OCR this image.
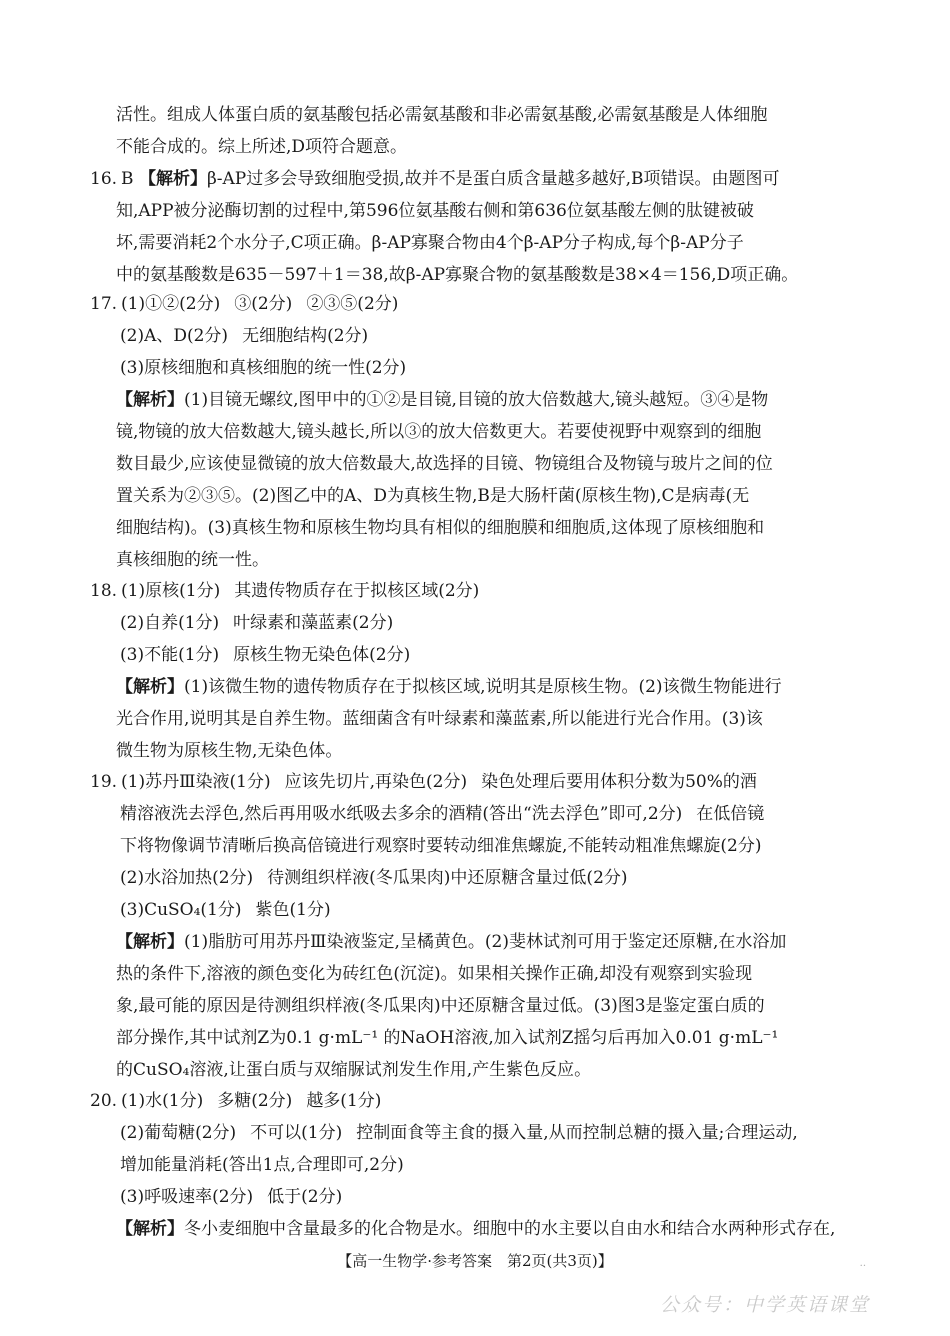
活性。组成人体蛋白质的氨基酸包括必需氨基酸和非必需氨基酸,必需氨基酸是人体细胞
不能合成的。综上所述,D项符合题意。
16. B 【解析】β-AP过多会导致细胞受损,故并不是蛋白质含量越多越好,B项错误。由题图可
知,APP被分泌酶切割的过程中,第596位氨基酸右侧和第636位氨基酸左侧的肽键被破
坏,需要消耗2个水分子,C项正确。β-AP寡聚合物由4个β-AP分子构成,每个β-AP分子
中的氨基酸数是635－597＋1＝38,故β-AP寡聚合物的氨基酸数是38×4＝156,D项正确。
17. (1)①②(2分) ③(2分) ②③⑤(2分)
(2)A、D(2分) 无细胞结构(2分)
(3)原核细胞和真核细胞的统一性(2分)
【解析】(1)目镜无螺纹,图甲中的①②是目镜,目镜的放大倍数越大,镜头越短。③④是物
镜,物镜的放大倍数越大,镜头越长,所以③的放大倍数更大。若要使视野中观察到的细胞
数目最少,应该使显微镜的放大倍数最大,故选择的目镜、物镜组合及物镜与玻片之间的位
置关系为②③⑤。(2)图乙中的A、D为真核生物,B是大肠杆菌(原核生物),C是病毒(无
细胞结构)。(3)真核生物和原核生物均具有相似的细胞膜和细胞质,这体现了原核细胞和
真核细胞的统一性。
18. (1)原核(1分) 其遗传物质存在于拟核区域(2分)
(2)自养(1分) 叶绿素和藻蓝素(2分)
(3)不能(1分) 原核生物无染色体(2分)
【解析】(1)该微生物的遗传物质存在于拟核区域,说明其是原核生物。(2)该微生物能进行
光合作用,说明其是自养生物。蓝细菌含有叶绿素和藻蓝素,所以能进行光合作用。(3)该
微生物为原核生物,无染色体。
19. (1)苏丹Ⅲ染液(1分) 应该先切片,再染色(2分) 染色处理后要用体积分数为50%的酒
精溶液洗去浮色,然后再用吸水纸吸去多余的酒精(答出“洗去浮色”即可,2分) 在低倍镜
下将物像调节清晰后换高倍镜进行观察时要转动细准焦螺旋,不能转动粗准焦螺旋(2分)
(2)水浴加热(2分) 待测组织样液(冬瓜果肉)中还原糖含量过低(2分)
(3)CuSO₄(1分) 紫色(1分)
【解析】(1)脂肪可用苏丹Ⅲ染液鉴定,呈橘黄色。(2)斐林试剂可用于鉴定还原糖,在水浴加
热的条件下,溶液的颜色变化为砖红色(沉淀)。如果相关操作正确,却没有观察到实验现
象,最可能的原因是待测组织样液(冬瓜果肉)中还原糖含量过低。(3)图3是鉴定蛋白质的
部分操作,其中试剂Z为0.1 g·mL⁻¹ 的NaOH溶液,加入试剂Z摇匀后再加入0.01 g·mL⁻¹
的CuSO₄溶液,让蛋白质与双缩脲试剂发生作用,产生紫色反应。
20. (1)水(1分) 多糖(2分) 越多(1分)
(2)葡萄糖(2分) 不可以(1分) 控制面食等主食的摄入量,从而控制总糖的摄入量;合理运动,
增加能量消耗(答出1点,合理即可,2分)
(3)呼吸速率(2分) 低于(2分)
【解析】冬小麦细胞中含量最多的化合物是水。细胞中的水主要以自由水和结合水两种形式存在,
..
【高一生物学·参考答案　第2页(共3页)】
公众号：中学英语课堂
